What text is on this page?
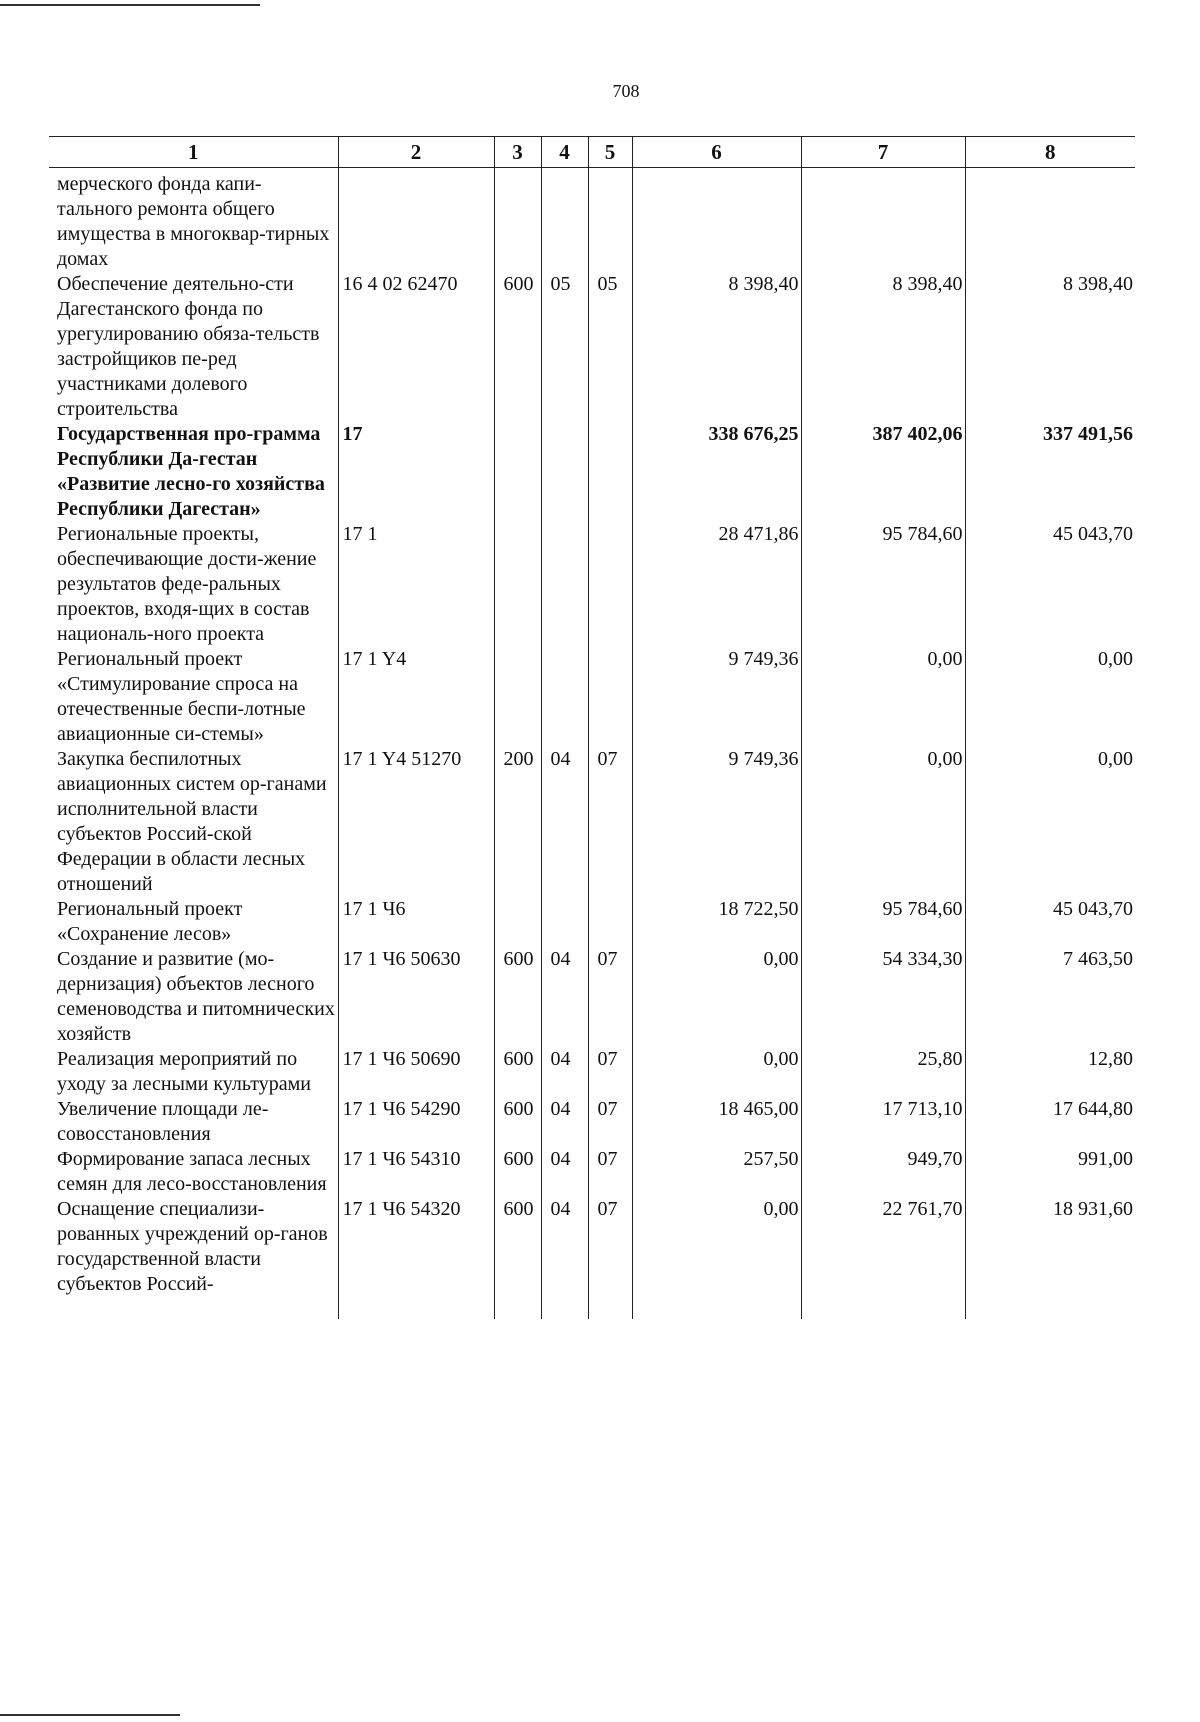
708
1	2	3	4	5	6	7	8
мерческого фонда капи-тального ремонта общего имущества в многоквар-тирных домах							
Обеспечение деятельно-сти Дагестанского фонда по урегулированию обяза-тельств застройщиков пе-ред участниками долевого строительства	16 4 02 62470	600	05	05	8 398,40	8 398,40	8 398,40
Государственная про-грамма Республики Да-гестан «Развитие лесно-го хозяйства Республики Дагестан»	17				338 676,25	387 402,06	337 491,56
Региональные проекты, обеспечивающие дости-жение результатов феде-ральных проектов, входя-щих в состав националь-ного проекта	17 1				28 471,86	95 784,60	45 043,70
Региональный проект «Стимулирование спроса на отечественные беспи-лотные авиационные си-стемы»	17 1 Y4				9 749,36	0,00	0,00
Закупка беспилотных авиационных систем ор-ганами исполнительной власти субъектов Россий-ской Федерации в области лесных отношений	17 1 Y4 51270	200	04	07	9 749,36	0,00	0,00
Региональный проект «Сохранение лесов»	17 1 Ч6				18 722,50	95 784,60	45 043,70
Создание и развитие (мо-дернизация) объектов лесного семеноводства и питомнических хозяйств	17 1 Ч6 50630	600	04	07	0,00	54 334,30	7 463,50
Реализация мероприятий по уходу за лесными культурами	17 1 Ч6 50690	600	04	07	0,00	25,80	12,80
Увеличение площади ле-совосстановления	17 1 Ч6 54290	600	04	07	18 465,00	17 713,10	17 644,80
Формирование запаса лесных семян для лесо-восстановления	17 1 Ч6 54310	600	04	07	257,50	949,70	991,00
Оснащение специализи-рованных учреждений ор-ганов государственной власти субъектов Россий-	17 1 Ч6 54320	600	04	07	0,00	22 761,70	18 931,60
